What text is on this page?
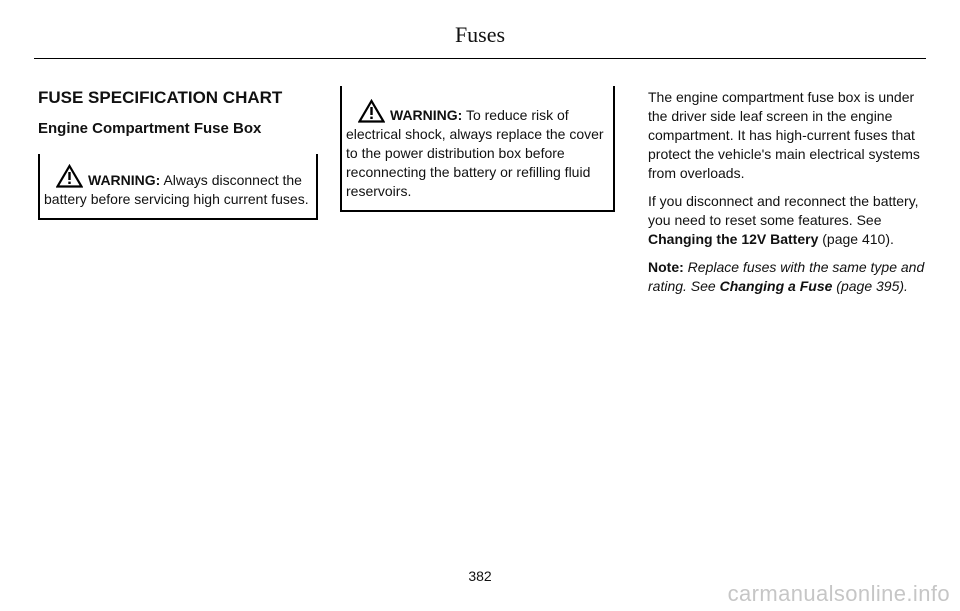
Fuses
FUSE SPECIFICATION CHART
Engine Compartment Fuse Box
WARNING: Always disconnect the battery before servicing high current fuses.
WARNING: To reduce risk of electrical shock, always replace the cover to the power distribution box before reconnecting the battery or refilling fluid reservoirs.

The engine compartment fuse box is under the driver side leaf screen in the engine compartment. It has high-current fuses that protect the vehicle's main electrical systems from overloads.

If you disconnect and reconnect the battery, you need to reset some features. See Changing the 12V Battery (page 410).

Note: Replace fuses with the same type and rating. See Changing a Fuse (page 395).

382
carmanualsonline.info
